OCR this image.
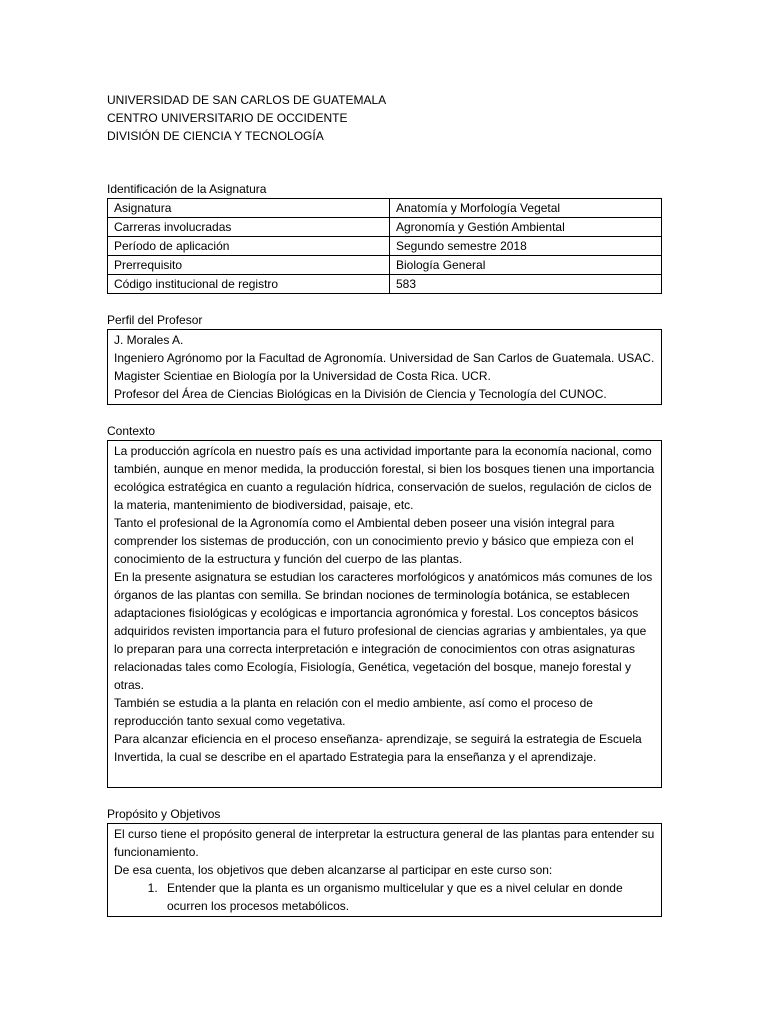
UNIVERSIDAD DE SAN CARLOS DE GUATEMALA
CENTRO UNIVERSITARIO DE OCCIDENTE
DIVISIÓN DE CIENCIA Y TECNOLOGÍA
Identificación de la Asignatura
Asignatura	Anatomía y Morfología Vegetal
Carreras involucradas	Agronomía y Gestión Ambiental
Período de aplicación	Segundo semestre 2018
Prerrequisito	Biología General
Código institucional de registro	583
Perfil del Profesor

J. Morales A.

Ingeniero Agrónomo por la Facultad de Agronomía. Universidad de San Carlos de Guatemala. USAC.

Magister Scientiae en Biología por la Universidad de Costa Rica. UCR.

Profesor del Área de Ciencias Biológicas en la División de Ciencia y Tecnología del CUNOC.

Contexto

La producción agrícola en nuestro país es una actividad importante para la economía nacional, como también, aunque en menor medida, la producción forestal, si bien los bosques tienen una importancia ecológica estratégica en cuanto a regulación hídrica, conservación de suelos, regulación de ciclos de la materia, mantenimiento de biodiversidad, paisaje, etc.

Tanto el profesional de la Agronomía como el Ambiental deben poseer una visión integral para comprender los sistemas de producción, con un conocimiento previo y básico que empieza con el conocimiento de la estructura y función del cuerpo de las plantas.

En la presente asignatura se estudian los caracteres morfológicos y anatómicos más comunes de los órganos de las plantas con semilla. Se brindan nociones de terminología botánica, se establecen adaptaciones fisiológicas y ecológicas e importancia agronómica y forestal. Los conceptos básicos adquiridos revisten importancia para el futuro profesional de ciencias agrarias y ambientales, ya que lo preparan para una correcta interpretación e integración de conocimientos con otras asignaturas relacionadas tales como Ecología, Fisiología, Genética, vegetación del bosque, manejo forestal y otras.

También se estudia a la planta en relación con el medio ambiente, así como el proceso de reproducción tanto sexual como vegetativa.

Para alcanzar eficiencia en el proceso enseñanza- aprendizaje, se seguirá la estrategia de Escuela Invertida, la cual se describe en el apartado Estrategia para la enseñanza y el aprendizaje.

Propósito y Objetivos

El curso tiene el propósito general de interpretar la estructura general de las plantas para entender su funcionamiento.

De esa cuenta, los objetivos que deben alcanzarse al participar en este curso son:

1. Entender que la planta es un organismo multicelular y que es a nivel celular en donde ocurren los procesos metabólicos.
